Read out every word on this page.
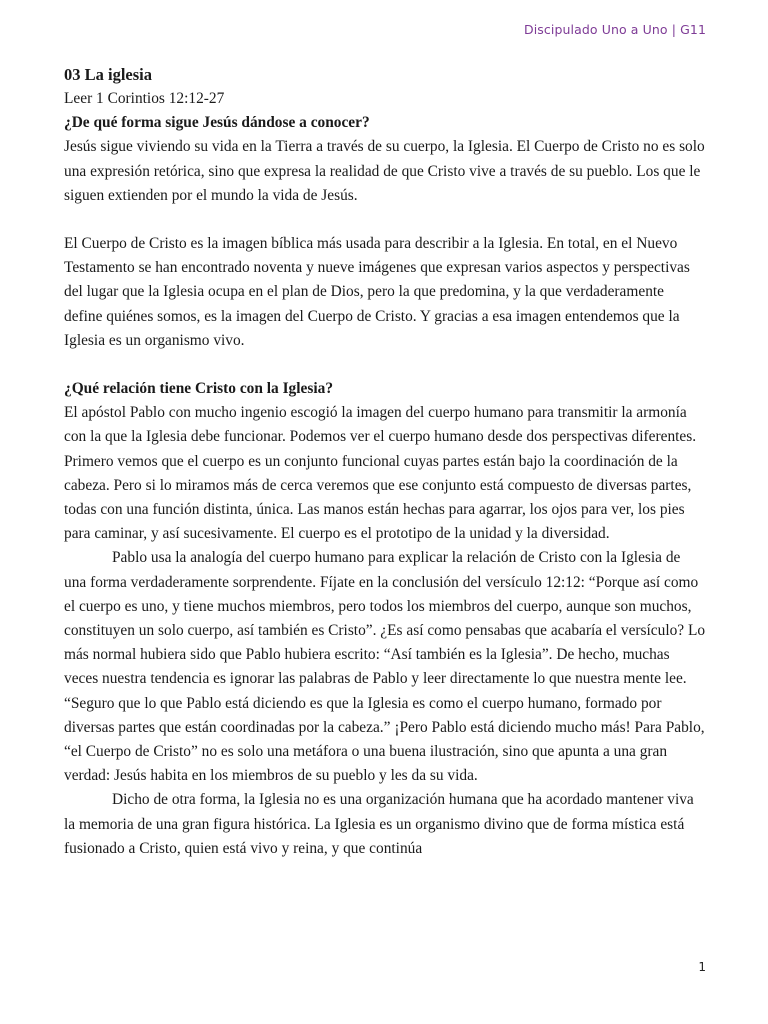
Discipulado Uno a Uno | G11

03 La iglesia

Leer 1 Corintios 12:12-27

¿De qué forma sigue Jesús dándose a conocer?

Jesús sigue viviendo su vida en la Tierra a través de su cuerpo, la Iglesia. El Cuerpo de Cristo no es solo una expresión retórica, sino que expresa la realidad de que Cristo vive a través de su pueblo. Los que le siguen extienden por el mundo la vida de Jesús.

El Cuerpo de Cristo es la imagen bíblica más usada para describir a la Iglesia. En total, en el Nuevo Testamento se han encontrado noventa y nueve imágenes que expresan varios aspectos y perspectivas del lugar que la Iglesia ocupa en el plan de Dios, pero la que predomina, y la que verdaderamente define quiénes somos, es la imagen del Cuerpo de Cristo. Y gracias a esa imagen entendemos que la Iglesia es un organismo vivo.

¿Qué relación tiene Cristo con la Iglesia?

El apóstol Pablo con mucho ingenio escogió la imagen del cuerpo humano para transmitir la armonía con la que la Iglesia debe funcionar. Podemos ver el cuerpo humano desde dos perspectivas diferentes. Primero vemos que el cuerpo es un conjunto funcional cuyas partes están bajo la coordinación de la cabeza. Pero si lo miramos más de cerca veremos que ese conjunto está compuesto de diversas partes, todas con una función distinta, única. Las manos están hechas para agarrar, los ojos para ver, los pies para caminar, y así sucesivamente. El cuerpo es el prototipo de la unidad y la diversidad.

Pablo usa la analogía del cuerpo humano para explicar la relación de Cristo con la Iglesia de una forma verdaderamente sorprendente. Fíjate en la conclusión del versículo 12:12: “Porque así como el cuerpo es uno, y tiene muchos miembros, pero todos los miembros del cuerpo, aunque son muchos, constituyen un solo cuerpo, así también es Cristo”. ¿Es así como pensabas que acabaría el versículo? Lo más normal hubiera sido que Pablo hubiera escrito: “Así también es la Iglesia”. De hecho, muchas veces nuestra tendencia es ignorar las palabras de Pablo y leer directamente lo que nuestra mente lee. “Seguro que lo que Pablo está diciendo es que la Iglesia es como el cuerpo humano, formado por diversas partes que están coordinadas por la cabeza.” ¡Pero Pablo está diciendo mucho más! Para Pablo, “el Cuerpo de Cristo” no es solo una metáfora o una buena ilustración, sino que apunta a una gran verdad: Jesús habita en los miembros de su pueblo y les da su vida.

Dicho de otra forma, la Iglesia no es una organización humana que ha acordado mantener viva la memoria de una gran figura histórica. La Iglesia es un organismo divino que de forma mística está fusionado a Cristo, quien está vivo y reina, y que continúa

1
